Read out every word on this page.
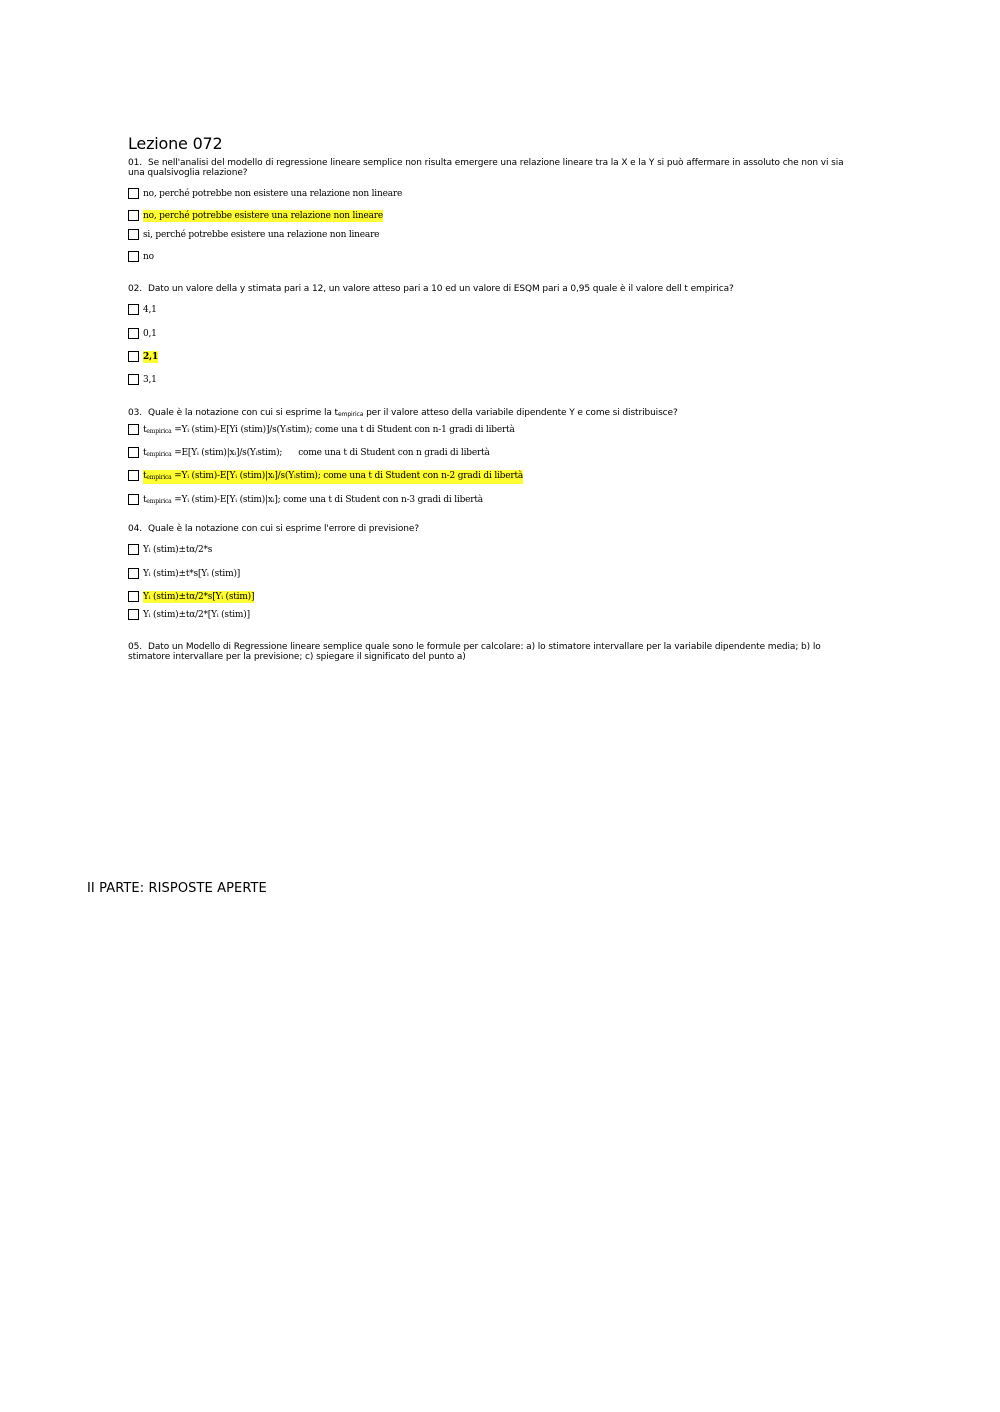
Lezione 072
01. Se nell'analisi del modello di regressione lineare semplice non risulta emergere una relazione lineare tra la X e la Y si può affermare in assoluto che non vi sia una qualsivoglia relazione?
no, perché potrebbe non esistere una relazione non lineare
no, perché potrebbe esistere una relazione non lineare
si, perché potrebbe esistere una relazione non lineare
no
02. Dato un valore della y stimata pari a 12, un valore atteso pari a 10 ed un valore di ESQM pari a 0,95 quale è il valore dell t empirica?
4,1
0,1
2,1
3,1
03. Quale è la notazione con cui si esprime la tempirica per il valore atteso della variabile dipendente Y e come si distribuisce?
tempirica =Yᵢ (stim)-E[Yi (stim)]/s(Yᵢstim); come una t di Student con n-1 gradi di libertà
tempirica =E[Yᵢ (stim)|xᵢ]/s(Yᵢstim);      come una t di Student con n gradi di libertà
tempirica =Yᵢ (stim)-E[Yᵢ (stim)|xᵢ]/s(Yᵢstim); come una t di Student con n-2 gradi di libertà
tempirica =Yᵢ (stim)-E[Yᵢ (stim)|xᵢ]; come una t di Student con n-3 gradi di libertà
04. Quale è la notazione con cui si esprime l'errore di previsione?
Yᵢ (stim)±tα/2*s
Yᵢ (stim)±t*s[Yᵢ (stim)]
Yᵢ (stim)±tα/2*s[Yᵢ (stim)]
Yᵢ (stim)±tα/2*[Yᵢ (stim)]
05. Dato un Modello di Regressione lineare semplice quale sono le formule per calcolare: a) lo stimatore intervallare per la variabile dipendente media; b) lo stimatore intervallare per la previsione; c) spiegare il significato del punto a)
II PARTE: RISPOSTE APERTE
